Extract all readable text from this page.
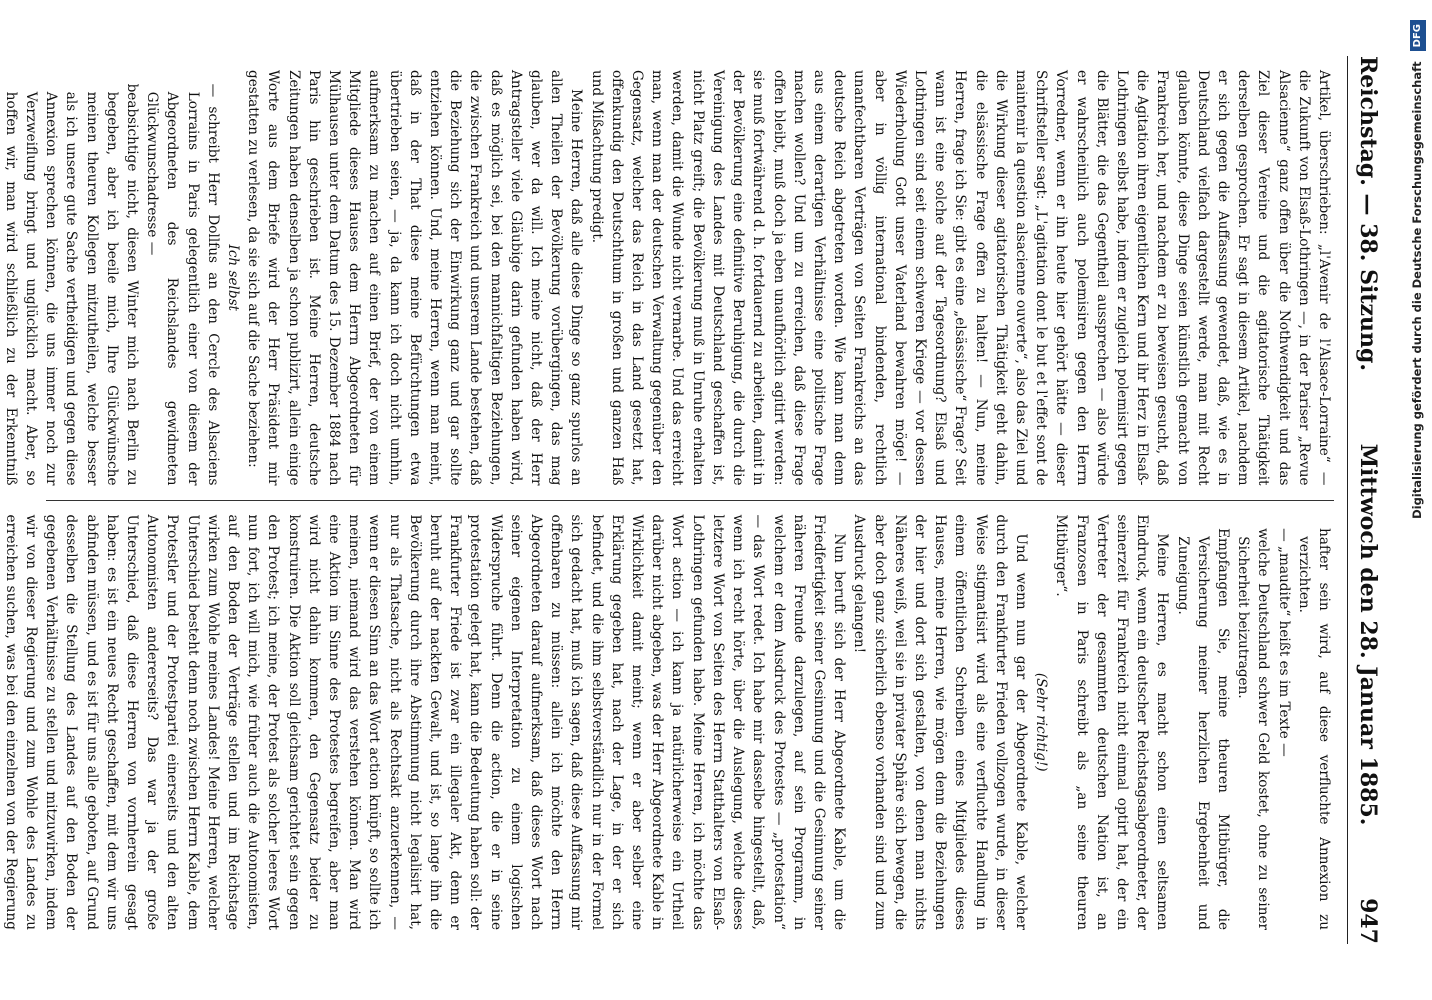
Reichstag. — 38. Sitzung.
Mittwoch den 28. Januar 1885.
947

Artikel, überschrieben: „l'Avenir de l'Alsace-Lorraine“ — die Zukunft von Elsaß-Lothringen —, in der Pariser „Revue Alsacienne“ ganz offen über die Nothwendigkeit und das Ziel dieser Vereine und die agitatorische Thätigkeit derselben gesprochen. Er sagt in diesem Artikel, nachdem er sich gegen die Auffassung gewendet, daß, wie es in Deutschland vielfach dargestellt werde, man mit Recht glauben könnte, diese Dinge seien künstlich gemacht von Frankreich her, und nachdem er zu beweisen gesucht, daß die Agitation ihren eigentlichen Kern und ihr Herz in Elsaß-Lothringen selbst habe, indem er zugleich polemisirt gegen die Blätter, die das Gegentheil aussprechen — also würde er wahrscheinlich auch polemisiren gegen den Herrn Vorredner, wenn er ihn heute hier gehört hätte — dieser Schriftsteller sagt: „L'agitation dont le but et l'effet sont de maintenir la question alsacienne ouverte“, also das Ziel und die Wirkung dieser agitatorischen Thätigkeit geht dahin, die elsässische Frage offen zu halten! — Nun, meine Herren, frage ich Sie: gibt es eine „elsässische“ Frage? Seit wann ist eine solche auf der Tagesordnung? Elsaß und Lothringen sind seit einem schweren Kriege — vor dessen Wiederholung Gott unser Vaterland bewahren möge! — aber in völlig international bindenden, rechtlich unanfechtbaren Verträgen von Seiten Frankreichs an das deutsche Reich abgetreten worden. Wie kann man denn aus einem derartigen Verhältnisse eine politische Frage machen wollen? Und um zu erreichen, daß diese Frage offen bleibt, muß doch ja eben unaufhörlich agitirt werden: sie muß fortwährend d. h. fortdauernd zu arbeiten, damit in der Bevölkerung eine definitive Beruhigung, die durch die Vereinigung des Landes mit Deutschland geschaffen ist, nicht Platz greift; die Bevölkerung muß in Unruhe erhalten werden, damit die Wunde nicht vernarbe. Und das erreicht man, wenn man der deutschen Verwaltung gegenüber den Gegensatz, welcher das Reich in das Land gesetzt hat, offenkundig den Deutschthum in großen und ganzen Haß und Mißachtung predigt.

Meine Herren, daß alle diese Dinge so ganz spurlos an allen Theilen der Bevölkerung vorübergingen, das mag glauben, wer da will. Ich meine nicht, daß der Herr Antragsteller viele Gläubige darin gefunden haben wird, daß es möglich sei, bei den mannichfaltigen Beziehungen, die zwischen Frankreich und unserem Lande bestehen, daß die Beziehung sich der Einwirkung ganz und gar sollte entziehen können. Und, meine Herren, wenn man meint, daß in der That diese meine Befürchtungen etwa übertrieben seien, — ja, da kann ich doch nicht umhin, aufmerksam zu machen auf einen Brief, der von einem Mitgliede dieses Hauses dem Herrn Abgeordneten für Mülhausen unter dem Datum des 15. Dezember 1884 nach Paris hin geschrieben ist. Meine Herren, deutsche Zeitungen haben denselben ja schon publizirt, allein einige Worte aus dem Briefe wird der Herr Präsident mir gestatten zu verlesen, da sie sich auf die Sache beziehen:

Ich selbst

— schreibt Herr Dollfus an den Cercle des Alsaciens Lorrains in Paris gelegentlich einer von diesem der Abgeordneten des Reichslandes gewidmeten Glückwunschadresse —

beabsichtige nicht, diesen Winter mich nach Berlin zu begeben, aber ich beeile mich, Ihre Glückwünsche meinen theuren Kollegen mitzutheilen, welche besser als ich unsere gute Sache vertheidigen und gegen diese Annexion sprechen können, die uns immer noch zur Verzweiflung bringt und unglücklich macht. Aber, so hoffen wir, man wird schließlich zu der Erkenntniß

hafter sein wird, auf diese verfluchte Annexion zu verzichten.

— „maudite“ heißt es im Texte —

welche Deutschland schwer Geld kostet, ohne zu seiner Sicherheit beizutragen.

Empfangen Sie, meine theuren Mitbürger, die Versicherung meiner herzlichen Ergebenheit und Zuneigung.

Meine Herren, es macht schon einen seltsamen Eindruck, wenn ein deutscher Reichstagsabgeordneter, der seinerzeit für Frankreich nicht einmal optirt hat, der ein Vertreter der gesammten deutschen Nation ist, an Franzosen in Paris schreibt als „an seine theuren Mitbürger“.

(Sehr richtig!)

Und wenn nun gar der Abgeordnete Kable, welcher durch den Frankfurter Frieden vollzogen wurde, in dieser Weise stigmatisirt wird als eine verfluchte Handlung in einem öffentlichen Schreiben eines Mitgliedes dieses Hauses, meine Herren, wie mögen denn die Beziehungen der hier und dort sich gestalten, von denen man nichts Näheres weiß, weil sie in privater Sphäre sich bewegen, die aber doch ganz sicherlich ebenso vorhanden sind und zum Ausdruck gelangen!

Nun beruft sich der Herr Abgeordnete Kable, um die Friedfertigkeit seiner Gesinnung und die Gesinnung seiner näheren Freunde darzulegen, auf sein Programm, in welchem er dem Ausdruck des Protestes — „protestation“ — das Wort redet. Ich habe mir dasselbe hingestellt, daß, wenn ich recht hörte, über die Auslegung, welche dieses letztere Wort von Seiten des Herrn Statthalters von Elsaß-Lothringen gefunden habe. Meine Herren, ich möchte das Wort action — ich kann ja natürlicherweise ein Urtheil darüber nicht abgeben, was der Herr Abgeordnete Kable in Wirklichkeit damit meint; wenn er aber selber eine Erklärung gegeben hat, nach der Lage, in der er sich befindet, und die ihm selbstverständlich nur in der Formel sich gedacht hat, muß ich sagen, daß diese Auffassung mir offenbaren zu müssen: allein ich möchte den Herrn Abgeordneten darauf aufmerksam, daß dieses Wort nach seiner eigenen Interpretation zu einem logischen Widerspruche führt. Denn die action, die er in seine protestation gelegt hat, kann die Bedeutung haben soll: der Frankfurter Friede ist zwar ein illegaler Akt, denn er beruht auf der nackten Gewalt, und ist, so lange ihn die Bevölkerung durch ihre Abstimmung nicht legalisirt hat, nur als Thatsache, nicht als Rechtsakt anzuerkennen, — wenn er diesen Sinn an das Wort action knüpft, so sollte ich meinen, niemand wird das verstehen können. Man wird eine Aktion im Sinne des Protestes begreifen, aber man wird nicht dahin kommen, den Gegensatz beider zu konstruiren. Die Aktion soll gleichsam gerichtet sein gegen den Protest; ich meine, der Protest als solcher leeres Wort nun fort, ich will mich, wie früher auch die Autonomisten, auf den Boden der Verträge stellen und im Reichstage wirken zum Wohle meines Landes! Meine Herren, welcher Unterschied besteht denn noch zwischen Herrn Kable, dem Protestler und der Protestpartei einerseits und den alten Autonomisten andererseits? Das war ja der große Unterschied, daß diese Herren von vornherein gesagt haben: es ist ein neues Recht geschaffen, mit dem wir uns abfinden müssen, und es ist für uns alle geboten, auf Grund desselben die Stellung des Landes auf den Boden der gegebenen Verhältnisse zu stellen und mitzuwirken, indem wir von dieser Regierung und zum Wohle des Landes zu erreichen suchen, was bei den einzelnen von der Regierung

Digitalisierung gefördert durch die Deutsche Forschungsgemeinschaft DFG
